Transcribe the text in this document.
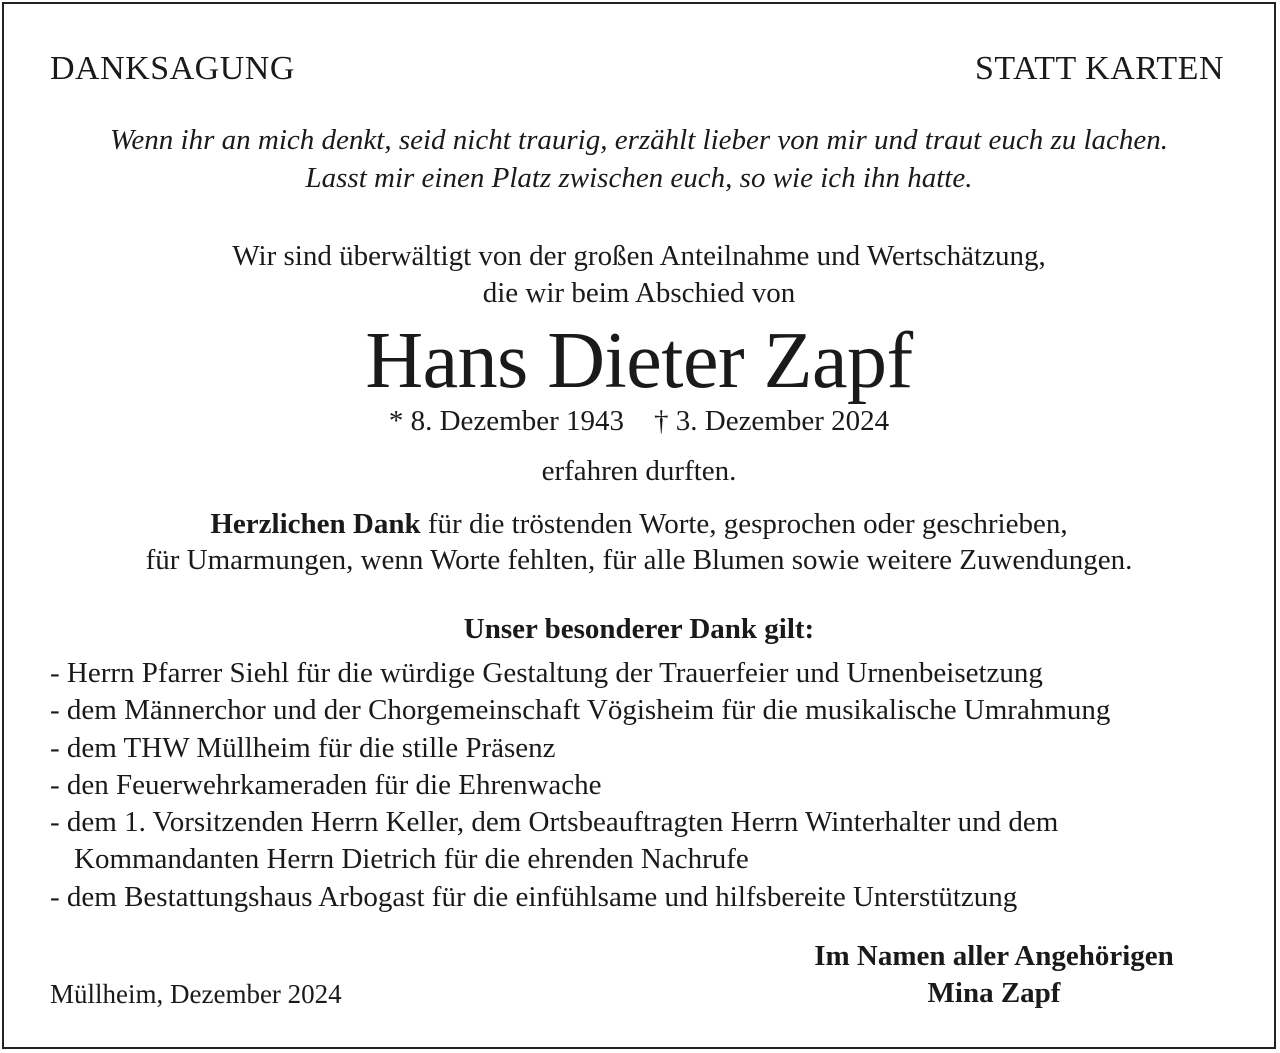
DANKSAGUNG	STATT KARTEN
Wenn ihr an mich denkt, seid nicht traurig, erzählt lieber von mir und traut euch zu lachen.
Lasst mir einen Platz zwischen euch, so wie ich ihn hatte.
Wir sind überwältigt von der großen Anteilnahme und Wertschätzung,
die wir beim Abschied von
Hans Dieter Zapf
* 8. Dezember 1943 † 3. Dezember 2024
erfahren durften.
Herzlichen Dank für die tröstenden Worte, gesprochen oder geschrieben,
für Umarmungen, wenn Worte fehlten, für alle Blumen sowie weitere Zuwendungen.
Unser besonderer Dank gilt:
- Herrn Pfarrer Siehl für die würdige Gestaltung der Trauerfeier und Urnenbeisetzung
- dem Männerchor und der Chorgemeinschaft Vögisheim für die musikalische Umrahmung
- dem THW Müllheim für die stille Präsenz
- den Feuerwehrkameraden für die Ehrenwache
- dem 1. Vorsitzenden Herrn Keller, dem Ortsbeauftragten Herrn Winterhalter und dem
Kommandanten Herrn Dietrich für die ehrenden Nachrufe
- dem Bestattungshaus Arbogast für die einfühlsame und hilfsbereite Unterstützung
Müllheim, Dezember 2024
Im Namen aller Angehörigen
Mina Zapf
